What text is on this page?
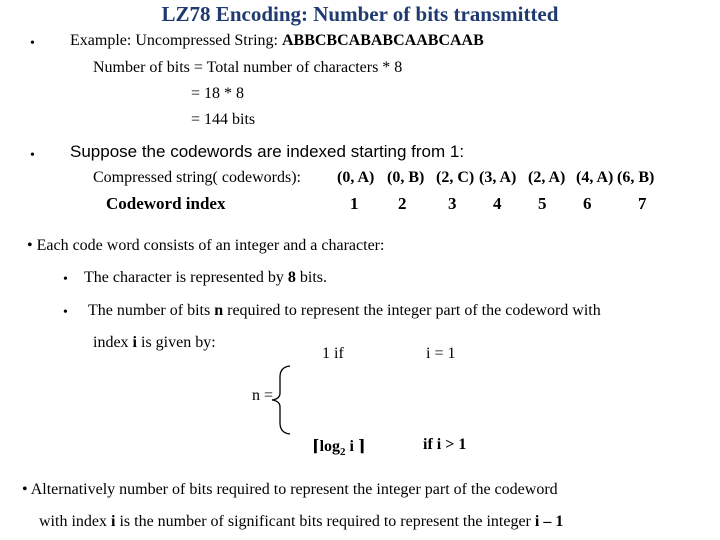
LZ78 Encoding: Number of bits transmitted
• Example: Uncompressed String: ABBCBCABABCAABCAAB
Number of bits = Total number of characters * 8
= 18 * 8
= 144 bits
• Suppose the codewords are indexed starting from 1:
Compressed string( codewords): (0, A) (0, B) (2, C) (3, A) (2, A) (4, A) (6, B)
Codeword index	1 2 3 4 5 6	7
• Each code word consists of an integer and a character:
• The character is represented by 8 bits.
• The number of bits n required to represent the integer part of the codeword with
index i is given by:
1 if	i = 1
n =
$⌈\log_2$ i ⌉	if i > 1
• Alternatively number of bits required to represent the integer part of the codeword
with index i is the number of significant bits required to represent the integer i – 1
